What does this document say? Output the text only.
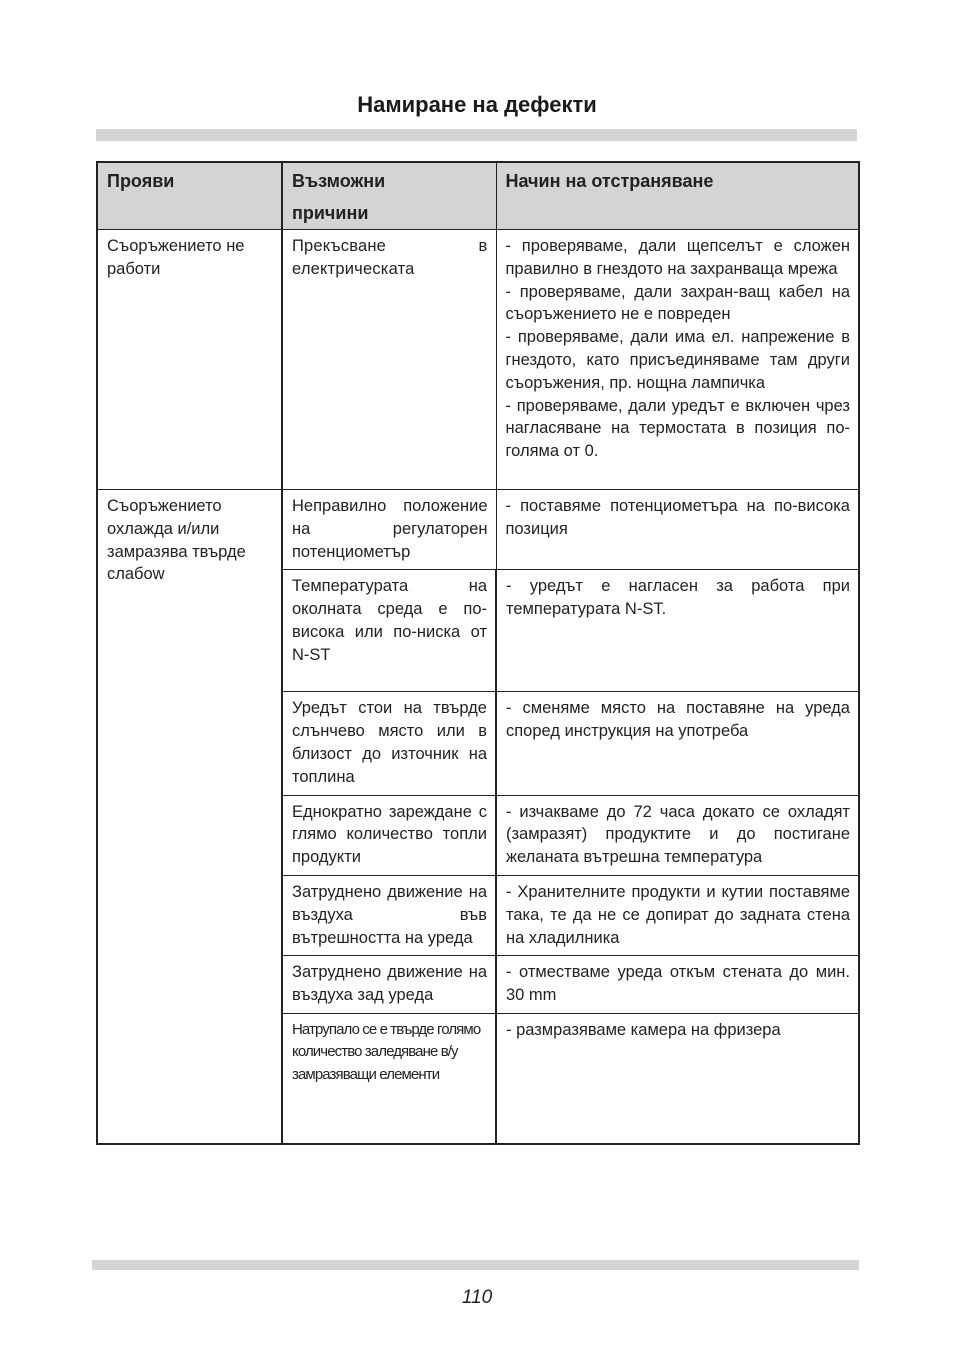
Намиране на дефекти
Прояви	Възможни причини	Начин на отстраняване

Съоръжението не работи	Прекъсване в електрическата	- проверяваме, дали щепселът е сложен правилно в гнездото на захранваща мрежа
- проверяваме, дали захран-ващ кабел на съоръжението не е повреден
- проверяваме, дали има ел. напрежение в гнездото, като присъединяваме там други съоръжения, пр. нощна лампичка
- проверяваме, дали уредът е включен чрез нагласяване на термостата в позиция по-голяма от 0.

Съоръжението охлажда и/или замразява твърде слабоw	Неправилно положение на регулаторен потенциометър	- поставяме потенциометъра на по-висока позиция

	Температурата на околната среда е по-висока или по-ниска от N-ST	- уредът е нагласен за работа при температурата N-ST.

	Уредът стои на твърде слънчево място или в близост до източник на топлина	- сменяме място на поставяне на уреда според инструкция на употреба

	Еднократно зареждане с глямо количество топли продукти	- изчакваме до 72 часа докато се охладят (замразят) продуктите и до постигане желаната вътрешна температура

	Затруднено движение на въздуха във вътрешността на уреда	- Хранителните продукти и кутии поставяме така, те да не се допират до задната стена на хладилника

	Затруднено движение на въздуха зад уреда	- отместваме уреда откъм стената до мин. 30 mm

	Натрупало се е твърде голямо количество заледяване в/у замразяващи елементи	- размразяваме камера на фризера
110
